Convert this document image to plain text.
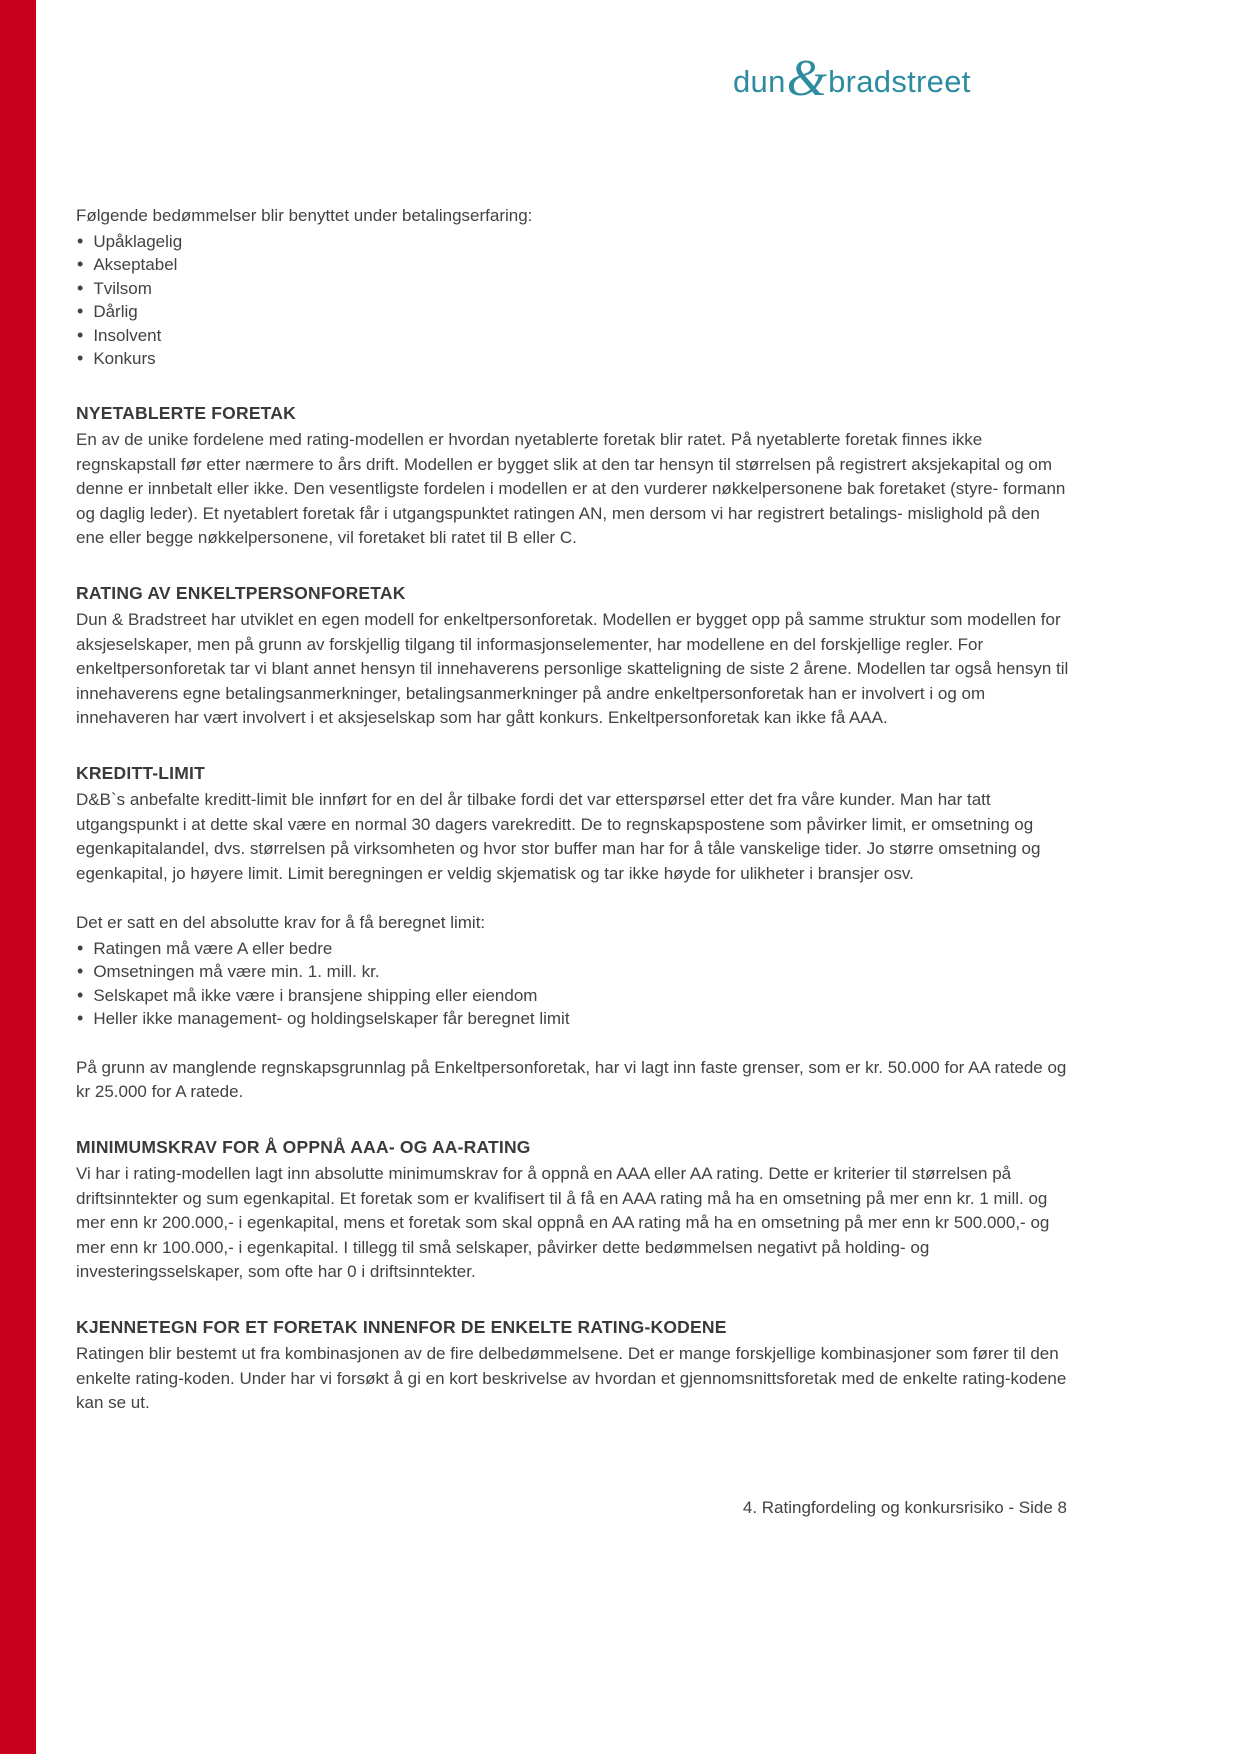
dun & bradstreet

Følgende bedømmelser blir benyttet under betalingserfaring:

• Upåklagelig
• Akseptabel
• Tvilsom
• Dårlig
• Insolvent
• Konkurs
NYETABLERTE FORETAK

En av de unike fordelene med rating-modellen er hvordan nyetablerte foretak blir ratet. På nyetablerte foretak finnes ikke regnskapstall før etter nærmere to års drift. Modellen er bygget slik at den tar hensyn til størrelsen på registrert aksjekapital og om denne er innbetalt eller ikke. Den vesentligste fordelen i modellen er at den vurderer nøkkelpersonene bak foretaket (styre- formann og daglig leder). Et nyetablert foretak får i utgangspunktet ratingen AN, men dersom vi har registrert betalings- mislighold på den ene eller begge nøkkelpersonene, vil foretaket bli ratet til B eller C.

RATING AV ENKELTPERSONFORETAK

Dun & Bradstreet har utviklet en egen modell for enkeltpersonforetak. Modellen er bygget opp på samme struktur som modellen for aksjeselskaper, men på grunn av forskjellig tilgang til informasjonselementer, har modellene en del forskjellige regler. For enkeltpersonforetak tar vi blant annet hensyn til innehaverens personlige skatteligning de siste 2 årene. Modellen tar også hensyn til innehaverens egne betalingsanmerkninger, betalingsanmerkninger på andre enkeltpersonforetak han er involvert i og om innehaveren har vært involvert i et aksjeselskap som har gått konkurs. Enkeltpersonforetak kan ikke få AAA.

KREDITT-LIMIT

D&B`s anbefalte kreditt-limit ble innført for en del år tilbake fordi det var etterspørsel etter det fra våre kunder. Man har tatt utgangspunkt i at dette skal være en normal 30 dagers varekreditt. De to regnskapspostene som påvirker limit, er omsetning og egenkapitalandel, dvs. størrelsen på virksomheten og hvor stor buffer man har for å tåle vanskelige tider. Jo større omsetning og egenkapital, jo høyere limit. Limit beregningen er veldig skjematisk og tar ikke høyde for ulikheter i bransjer osv.

Det er satt en del absolutte krav for å få beregnet limit:

• Ratingen må være A eller bedre
• Omsetningen må være min. 1. mill. kr.
• Selskapet må ikke være i bransjene shipping eller eiendom
• Heller ikke management- og holdingselskaper får beregnet limit

På grunn av manglende regnskapsgrunnlag på Enkeltpersonforetak, har vi lagt inn faste grenser, som er kr. 50.000 for AA ratede og kr 25.000 for A ratede.

MINIMUMSKRAV FOR Å OPPNÅ AAA- OG AA-RATING

Vi har i rating-modellen lagt inn absolutte minimumskrav for å oppnå en AAA eller AA rating. Dette er kriterier til størrelsen på driftsinntekter og sum egenkapital. Et foretak som er kvalifisert til å få en AAA rating må ha en omsetning på mer enn kr. 1 mill. og mer enn kr 200.000,- i egenkapital, mens et foretak som skal oppnå en AA rating må ha en omsetning på mer enn kr 500.000,- og mer enn kr 100.000,- i egenkapital. I tillegg til små selskaper, påvirker dette bedømmelsen negativt på holding- og investeringsselskaper, som ofte har 0 i driftsinntekter.

KJENNETEGN FOR ET FORETAK INNENFOR DE ENKELTE RATING-KODENE

Ratingen blir bestemt ut fra kombinasjonen av de fire delbedømmelsene. Det er mange forskjellige kombinasjoner som fører til den enkelte rating-koden. Under har vi forsøkt å gi en kort beskrivelse av hvordan et gjennomsnittsforetak med de enkelte rating-kodene kan se ut.

4. Ratingfordeling og konkursrisiko - Side 8
